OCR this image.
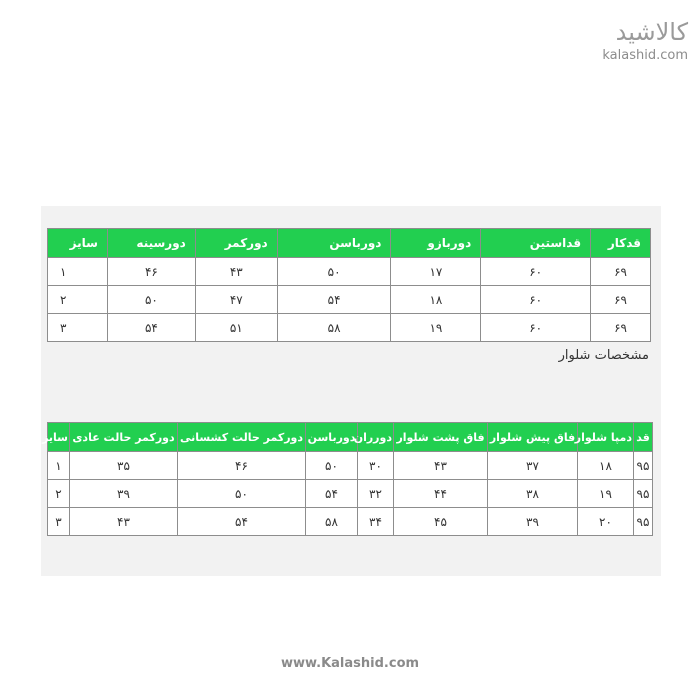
کالاشید
kalashid.com
قدکار	قداستین	دوربازو	دورباسن	دورکمر	دورسینه	سایز
۶۹	۶۰	۱۷	۵۰	۴۳	۴۶	۱
۶۹	۶۰	۱۸	۵۴	۴۷	۵۰	۲
۶۹	۶۰	۱۹	۵۸	۵۱	۵۴	۳
مشخصات شلوار
قد	دمپا شلوار	فاق پیش شلوار	فاق پشت شلوار	دورران	دورباسن	دورکمر حالت کشسانی	دورکمر حالت عادی	سایز
۹۵	۱۸	۳۷	۴۳	۳۰	۵۰	۴۶	۳۵	۱
۹۵	۱۹	۳۸	۴۴	۳۲	۵۴	۵۰	۳۹	۲
۹۵	۲۰	۳۹	۴۵	۳۴	۵۸	۵۴	۴۳	۳
www.Kalashid.com
